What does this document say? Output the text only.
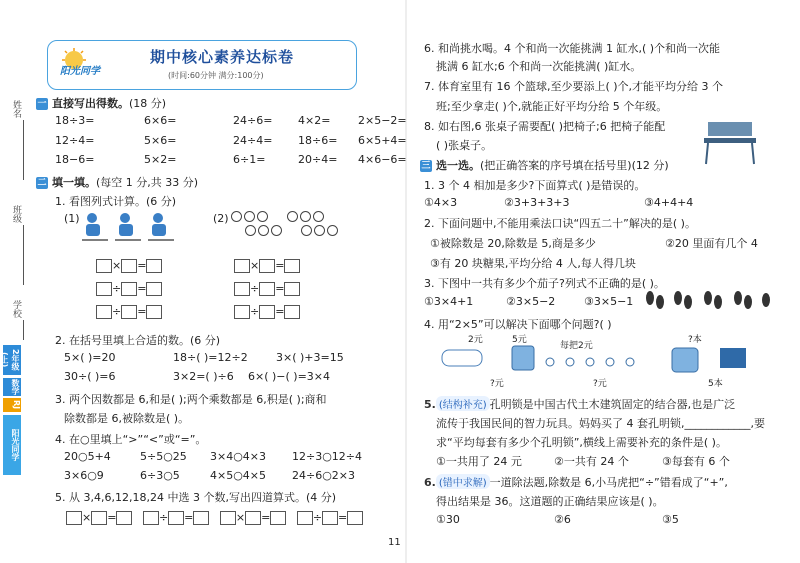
姓名
班级
学校
2年级(上)
数学
RJ
阳光同学
阳光同学
期中核心素养达标卷
(时间:60分钟 满分:100分)
一 直接写出得数。(18 分)
18÷3=	6×6=	24÷6= 4×2=	2×5−2=
12÷4=	5×6=	24÷4= 18÷6= 6×5+4=
18−6=	5×2=	6÷1=	20÷4= 4×6−6=
二 填一填。(每空 1 分,共 33 分)
1. 看图列式计算。(6 分)
(1)	(2)

× =

÷ =

÷ =
× =

÷ =

÷ =
2. 在括号里填上合适的数。(6 分)
5×( )=20	18÷( )=12÷2	3×( )+3=15
30÷( )=6	3×2=( )÷6 6×( )−( )=3×4
3. 两个因数都是 6,和是( );两个乘数都是 6,积是( );商和
除数都是 6,被除数是( )。
4. 在○里填上“>”“<”或“=”。
20○5+4	5÷5○25 3×4○4×3 12÷3○12÷4
3×6○9	6÷3○5	4×5○4×5 24÷6○2×3
5. 从 3,4,6,12,18,24 中选 3 个数,写出四道算式。(4 分)
× =	÷ =	× =	÷ =
6. 和尚挑水喝。4 个和尚一次能挑满 1 缸水,( )个和尚一次能
挑满 6 缸水;6 个和尚一次能挑满( )缸水。
7. 体育室里有 16 个篮球,至少要添上( )个,才能平均分给 3 个
班;至少拿走( )个,就能正好平均分给 5 个年级。
8. 如右图,6 张桌子需要配( )把椅子;6 把椅子能配
( )张桌子。
三 选一选。(把正确答案的序号填在括号里)(12 分)
1. 3 个 4 相加是多少?下面算式( )是错误的。
①4×3	②3+3+3+3	③4+4+4
2. 下面问题中,不能用乘法口诀“四五二十”解决的是( )。
①被除数是 20,除数是 5,商是多少	②20 里面有几个 4
③有 20 块糖果,平均分给 4 人,每人得几块
3. 下图中一共有多少个茄子?列式不正确的是( )。
①3×4+1	②3×5−2	③3×5−1
4. 用“2×5”可以解决下面哪个问题?( )
2元	5元
每把2元
?本
?元	?元	5本
5. (结构补充) 孔明锁是中国古代土木建筑固定的结合器,也是广泛
流传于我国民间的智力玩具。妈妈买了 4 套孔明锁,____________,要
求“平均每套有多少个孔明锁”,横线上需要补充的条件是( )。
①一共用了 24 元	②一共有 24 个	③每套有 6 个
6. (错中求解) 一道除法题,除数是 6,小马虎把“÷”错看成了“+”,
得出结果是 36。这道题的正确结果应该是( )。
①30	②6	③5
11
